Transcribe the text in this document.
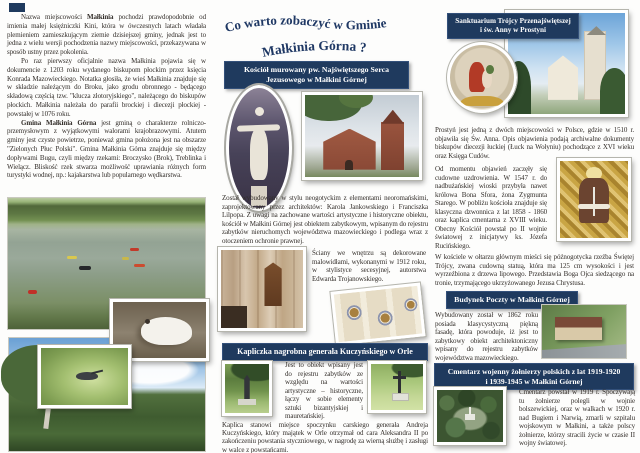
Nazwa miejscowości Małkinia pochodzi prawdopodobnie od imienia małej księżniczki Kini, która w ówczesnych latach władała plemieniem zamieszkującym ziemie dzisiejszej gminy, jednak jest to jedna z wielu wersji pochodzenia nazwy miejscowości, przekazywana w sposób ustny przez pokolenia.

Po raz pierwszy oficjalnie nazwa Małkinia pojawia się w dokumencie z 1203 roku wydanego biskupom płockim przez księcia Konrada Mazowieckiego. Notatka głosiła, że wieś Małkinia znajduje się w składzie należącym do Broku, jako grodu obronnego - będącego składową częścią tzw. "klucza złotoryjskiego", należącego do biskupów płockich. Małkinia należała do parafii brockiej i diecezji płockiej - powstałej w 1076 roku.

Gmina Małkinia Górna jest gminą o charakterze rolniczo-przemysłowym z wyjątkowymi walorami krajobrazowymi. Atutem gminy jest czyste powietrze, ponieważ gmina położona jest na obszarze "Zielonych Płuc Polski". Gmina Małkinia Górna znajduje się między dopływami Bugu, czyli między rzekami: Broczysko (Brok), Treblinka i Wielącz. Bliskość rzek stwarza możliwość uprawiania różnych form turystyki wodnej, np.: kajakarstwa lub popularnego wędkarstwa.

Co warto zobaczyć w Gminie
Małkinia Górna ?
Kościół murowany pw. Najświętszego Serca Jezusowego w Małkini Górnej

Został wybudowany w stylu neogotyckim z elementami neoromańskimi, zaprojektowany przez architektów: Karola Jankowskiego i Franciszka Lilpopa. Z uwagi na zachowane wartości artystyczne i historyczne obiektu, kościół w Małkini Górnej jest obiektem zabytkowym, wpisanym do rejestru zabytków nieruchomych województwa mazowieckiego i podlega wraz z otoczeniem ochronie prawnej.

Ściany we wnętrzu są dekorowane malowidłami, wykonanymi w 1912 roku, w stylistyce secesyjnej, autorstwa Edwarda Trojanowskiego.

Kapliczka nagrobna generała Kuczyńskiego w Orle

Jest to obiekt wpisany jest do rejestru zabytków ze względu na wartości artystyczne – historyczne, łączy w sobie elementy sztuki bizantyjskiej i mauretańskiej.

Kaplica stanowi miejsce spoczynku carskiego generała Andreja Kuczyńskiego, który majątek w Orle otrzymał od cara Aleksandra II po zakończeniu powstania styczniowego, w nagrodę za wierną służbę i zasługi w walce z powstańcami.

Sanktuarium Trójcy Przenajświętszej
i św. Anny w Prostyni

Prostyń jest jedną z dwóch miejscowości w Polsce, gdzie w 1510 r. objawiła się Św. Anna. Opis objawienia podają archiwalne dokumenty biskupów diecezji łuckiej (Łuck na Wołyniu) pochodzące z XVI wieku oraz Księga Cudów.

Od momentu objawień zaczęły się cudowne uzdrowienia. W 1547 r. do nadbużańskiej wioski przybyła nawet królowa Bona Sfora, żona Zygmunta Starego. W pobliżu kościoła znajduje się klasyczna dzwonnica z lat 1858 - 1860 oraz kaplica cmentarna z XVIII wieku. Obecny Kościół powstał po II wojnie światowej z inicjatywy ks. Józefa Rucińskiego.

W kościele w ołtarzu głównym mieści się późnogotycka rzeźba Świętej Trójcy, zwana cudowną statuą, która ma 125 cm wysokości i jest wyrzeźbiona z drzewa lipowego. Przedstawia Boga Ojca siedzącego na tronie, trzymającego ukrzyżowanego Jezusa Chrystusa.

Budynek Poczty w Małkini Górnej

Wybudowany został w 1862 roku posiada klasycystyczną piękną fasadę, która powoduje, iż jest to zabytkowy obiekt architektoniczny wpisany do rejestru zabytków województwa mazowieckiego.

Cmentarz wojenny żołnierzy polskich z lat 1919-1920
i 1939-1945 w Małkini Górnej

Cmentarz powstał w 1919 r. Spoczywają tu żołnierze polegli w wojnie bolszewickiej, oraz w walkach w 1920 r. nad Bugiem i Narwią, zmarli w szpitalu wojskowym w Małkini, a także polscy żołnierze, którzy stracili życie w czasie II wojny światowej.
